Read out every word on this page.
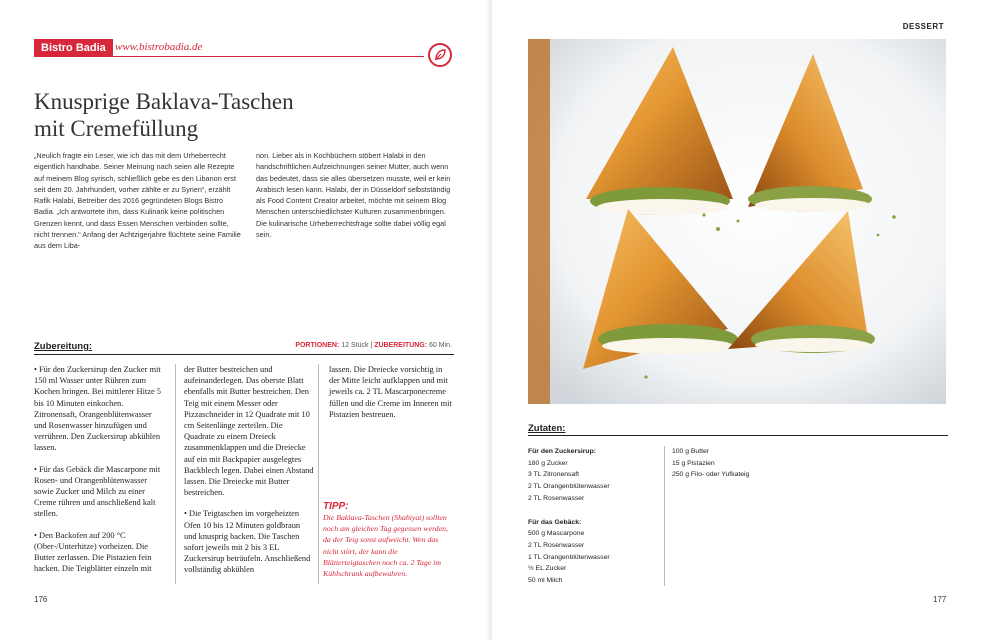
Bistro Badia www.bistrobadia.de
Knusprige Baklava-Taschen
mit Cremefüllung
„Neulich fragte ein Leser, wie ich das mit dem Urheberrecht eigentlich handhabe. Seiner Meinung nach seien alle Rezepte auf meinem Blog syrisch, schließlich gebe es den Libanon erst seit dem 20. Jahrhundert, vorher zählte er zu Syrien“, erzählt Rafik Halabi, Betreiber des 2016 gegründeten Blogs Bistro Badia. „Ich antwortete ihm, dass Kulinarik keine politischen Grenzen kennt, und dass Essen Menschen verbinden sollte, nicht trennen.“ Anfang der Achtzigerjahre flüchtete seine Familie aus dem Liba-
non. Lieber als in Kochbüchern stöbert Halabi in den handschriftlichen Aufzeichnungen seiner Mutter, auch wenn das bedeutet, dass sie alles übersetzen musste, weil er kein Arabisch lesen kann. Halabi, der in Düsseldorf selbstständig als Food Content Creator arbeitet, möchte mit seinem Blog Menschen unterschiedlichster Kulturen zusammenbringen. Die kulinarische Urheberrechtsfrage sollte dabei völlig egal sein.
Zubereitung:	PORTIONEN: 12 Stück | ZUBEREITUNG: 60 Min.

• Für den Zuckersirup den Zucker mit 150 ml Wasser unter Rühren zum Kochen bringen. Bei mittlerer Hitze 5 bis 10 Minuten einkochen. Zitronensaft, Orangenblütenwasser und Rosenwasser hinzufügen und verrühren. Den Zuckersirup abkühlen lassen.

• Für das Gebäck die Mascarpone mit Rosen- und Orangenblütenwasser sowie Zucker und Milch zu einer Creme rühren und anschließend kalt stellen.

• Den Backofen auf 200 °C (Ober-/Unterhitze) vorheizen. Die Butter zerlassen. Die Pistazien fein hacken. Die Teigblätter einzeln mit

der Butter bestreichen und aufeinanderlegen. Das oberste Blatt ebenfalls mit Butter bestreichen. Den Teig mit einem Messer oder Pizzaschneider in 12 Quadrate mit 10 cm Seitenlänge zerteilen. Die Quadrate zu einem Dreieck zusammenklappen und die Dreiecke auf ein mit Backpapier ausgelegtes Backblech legen. Dabei einen Abstand lassen. Die Dreiecke mit Butter bestreichen.

• Die Teigtaschen im vorgeheizten Ofen 10 bis 12 Minuten goldbraun und knusprig backen. Die Taschen sofort jeweils mit 2 bis 3 EL Zuckersirup beträufeln. Anschließend vollständig abkühlen

lassen. Die Dreiecke vorsichtig in der Mitte leicht aufklappen und mit jeweils ca. 2 TL Mascarponecreme füllen und die Creme im Inneren mit Pistazien bestreuen.

TIPP:
Die Baklava-Taschen (Shabiyat) sollten noch am gleichen Tag gegessen werden, da der Teig sonst aufweicht. Wen das nicht stört, der kann die Blätterteigtaschen noch ca. 2 Tage im Kühlschrank aufbewahren.
176
DESSERT
Zutaten:
Für den Zuckersirup:
180 g Zucker
3 TL Zitronensaft
2 TL Orangenblütenwasser
2 TL Rosenwasser
Für das Gebäck:
500 g Mascarpone
2 TL Rosenwasser
1 TL Orangenblütenwasser
½ EL Zucker
50 ml Milch
100 g Butter
15 g Pistazien
250 g Filo- oder Yufkateig
177
